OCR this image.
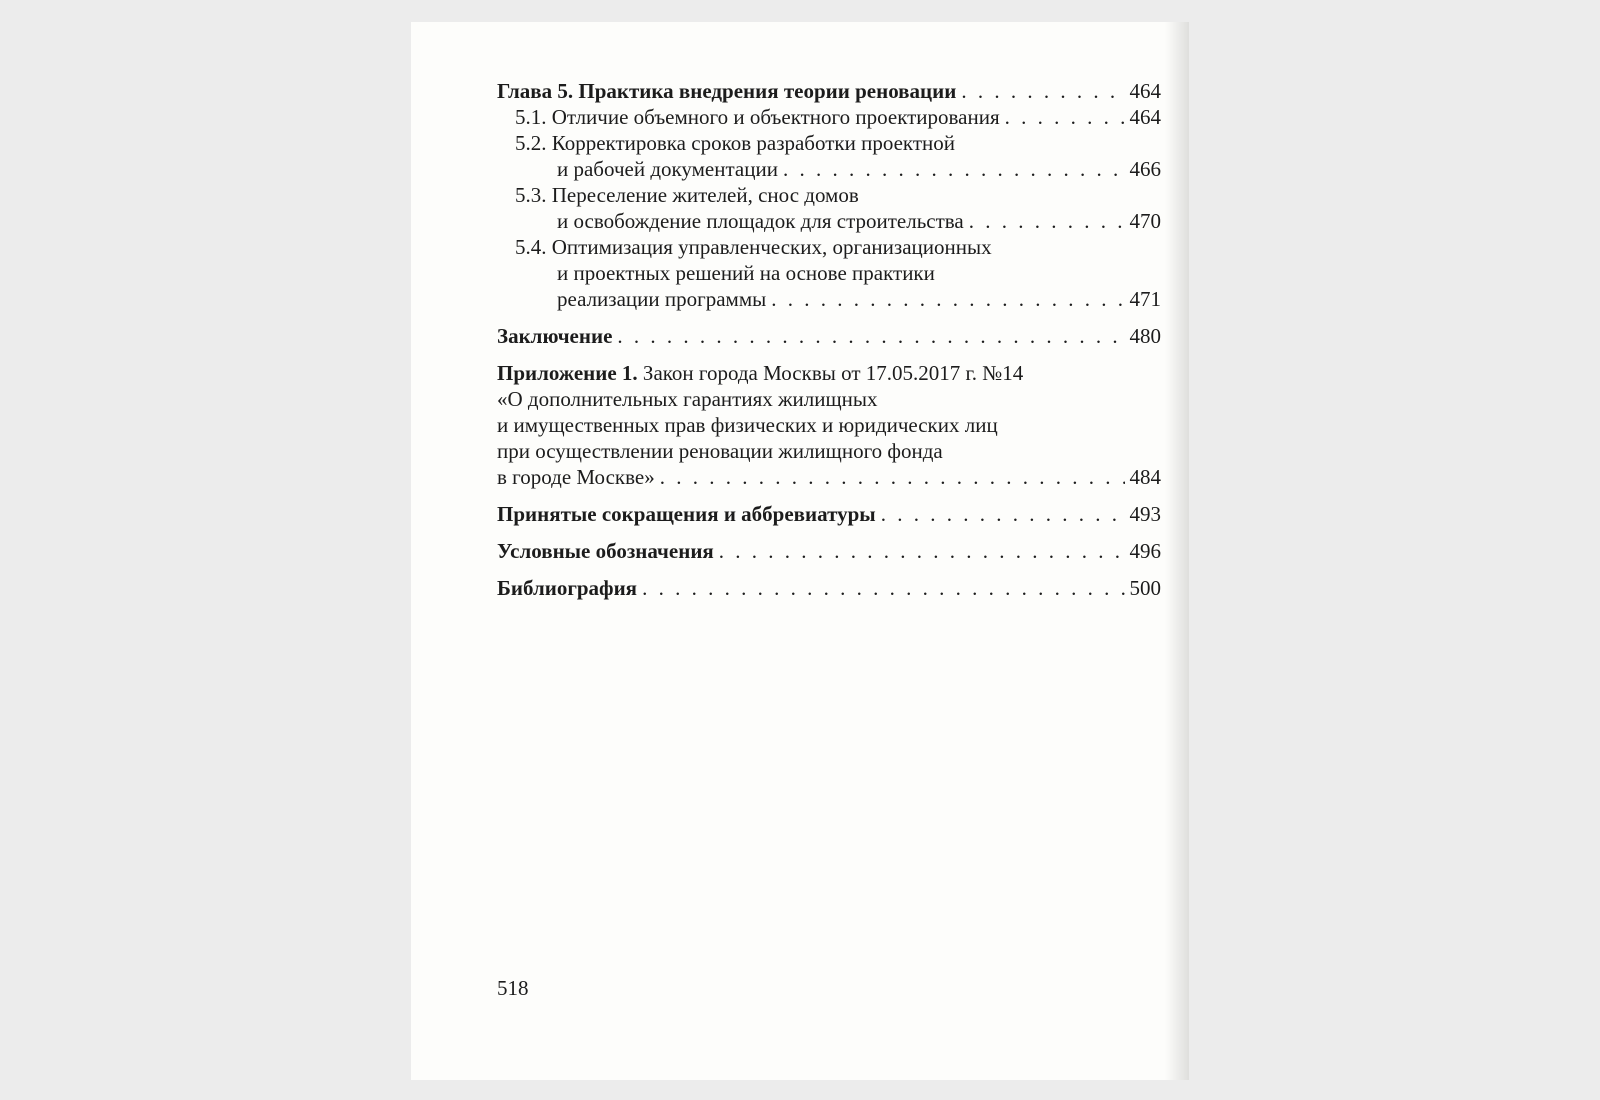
Глава 5. Практика внедрения теории реновации . . .	464
5.1. Отличие объемного и объектного проектирования . . .	464
5.2. Корректировка сроков разработки проектной
и рабочей документации . . .	466
5.3. Переселение жителей, снос домов
и освобождение площадок для строительства . . .	470
5.4. Оптимизация управленческих, организационных
и проектных решений на основе практики
реализации программы . . .	471
Заключение . . .	480
Приложение 1. Закон города Москвы от 17.05.2017 г. №14
«О дополнительных гарантиях жилищных
и имущественных прав физических и юридических лиц
при осуществлении реновации жилищного фонда
в городе Москве» . . .	484
Принятые сокращения и аббревиатуры . . .	493
Условные обозначения . . .	496
Библиография . . .	500
518
